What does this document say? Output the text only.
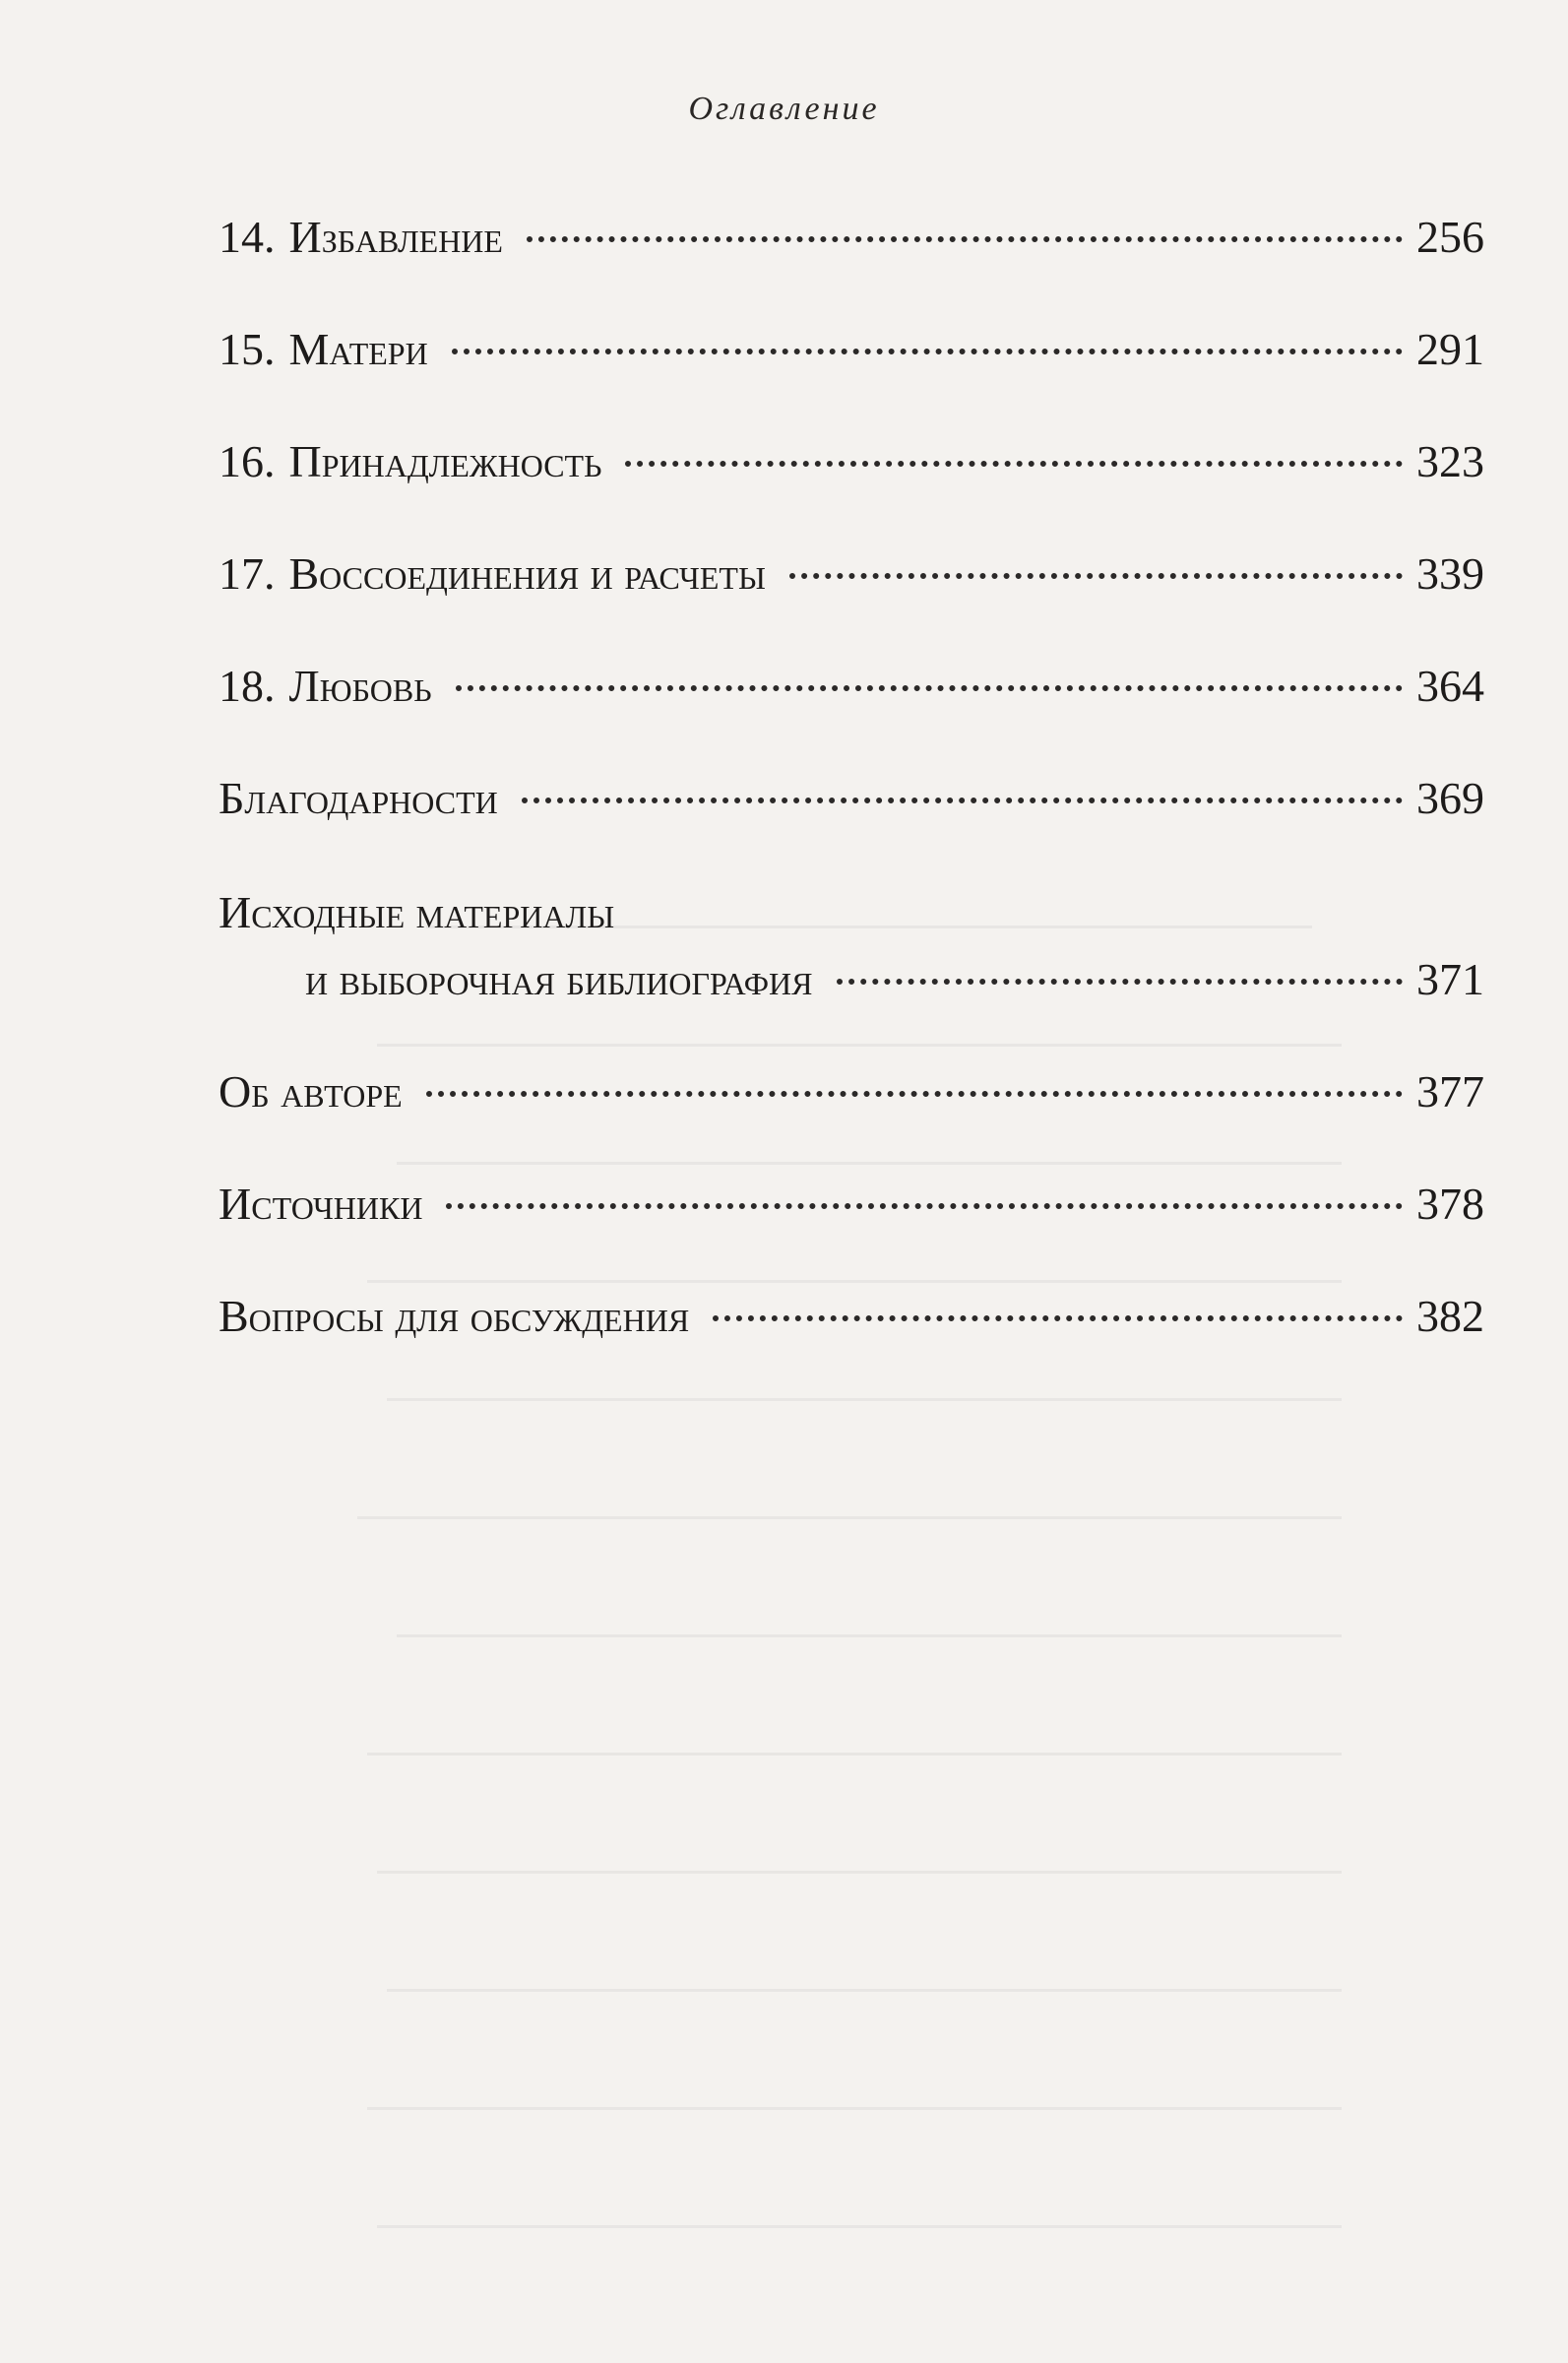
Оглавление
14. Избавление	256
15. Матери	291
16. Принадлежность	323
17. Воссоединения и расчеты	339
18. Любовь	364
Благодарности	369
Исходные материалы
и выборочная библиография	371
Об авторе	377
Источники	378
Вопросы для обсуждения	382
